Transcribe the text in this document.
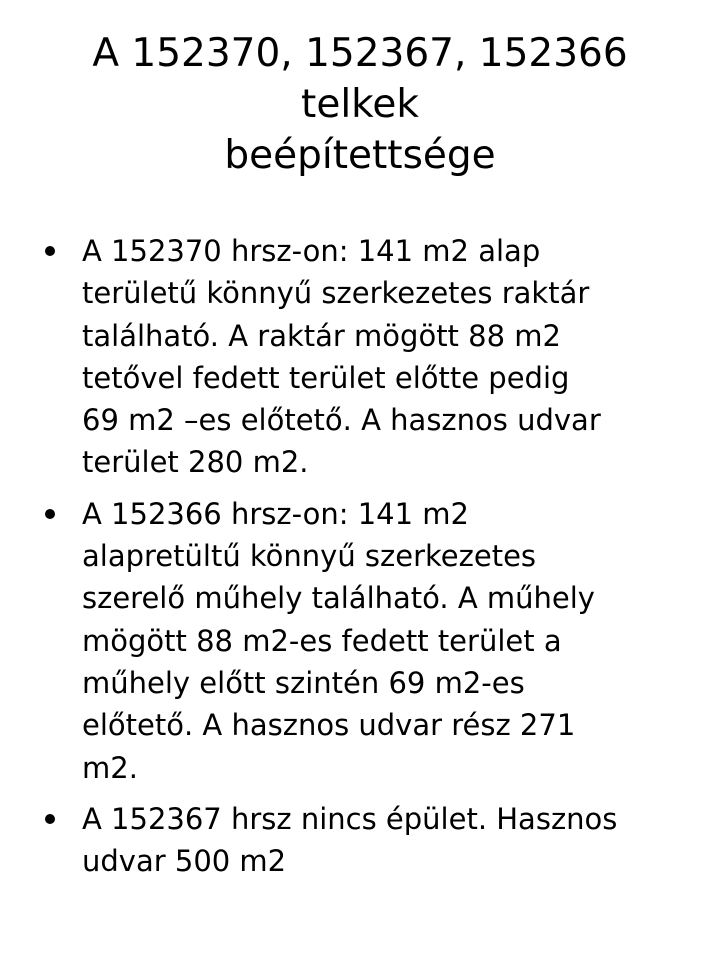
A 152370, 152367, 152366
telkek
beépítettsége
A 152370 hrsz-on: 141 m2 alap
területű könnyű szerkezetes raktár
található. A raktár mögött 88 m2
tetővel fedett terület előtte pedig
69 m2 –es előtető. A hasznos udvar
terület 280 m2.
A 152366 hrsz-on: 141 m2
alapretültű könnyű szerkezetes
szerelő műhely található. A műhely
mögött 88 m2-es fedett terület a
műhely előtt szintén 69 m2-es
előtető. A hasznos udvar rész 271
m2.
A 152367 hrsz nincs épület. Hasznos
udvar 500 m2
